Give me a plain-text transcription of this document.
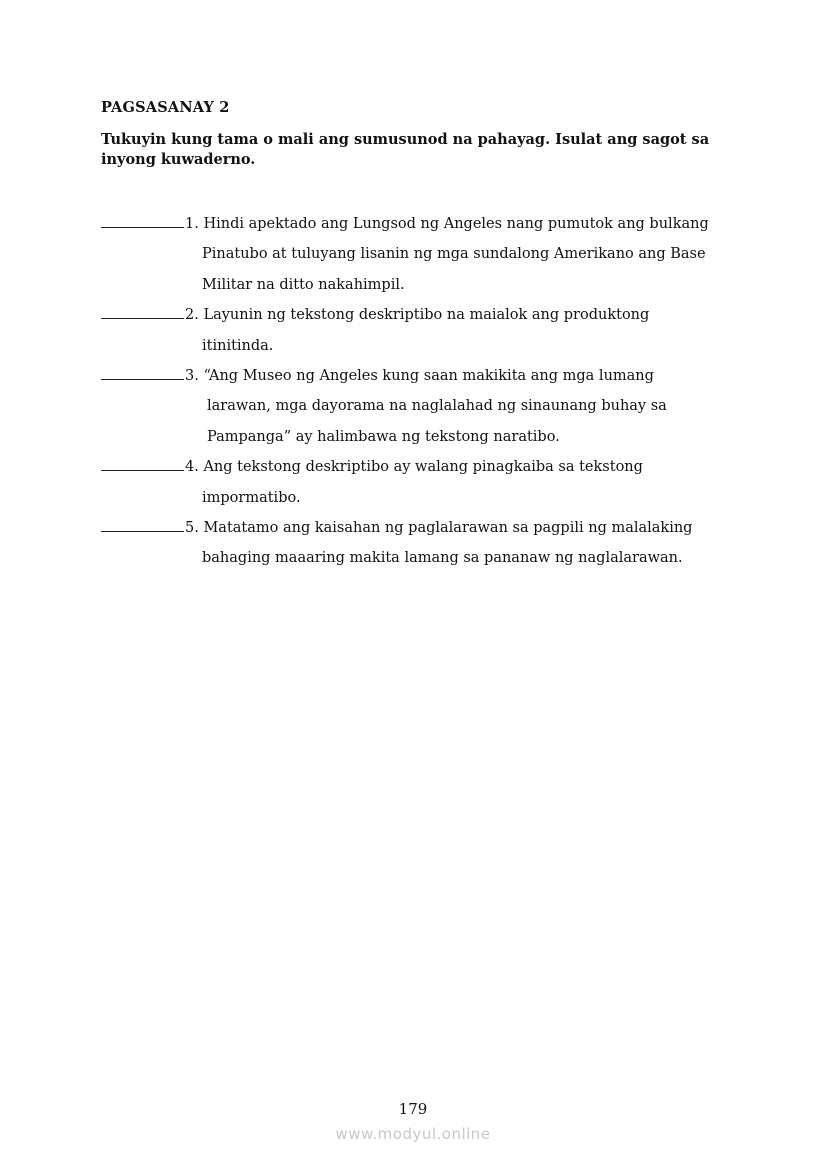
PAGSASANAY 2
Tukuyin kung tama o mali ang sumusunod na pahayag. Isulat ang sagot sa inyong kuwaderno.
1. Hindi apektado ang Lungsod ng Angeles nang pumutok ang bulkang
Pinatubo at tuluyang lisanin ng mga sundalong Amerikano ang Base
Militar na ditto nakahimpil.
2. Layunin ng tekstong deskriptibo na maialok ang produktong
itinitinda.
3. “Ang Museo ng Angeles kung saan makikita ang mga lumang
larawan, mga dayorama na naglalahad ng sinaunang buhay sa
Pampanga” ay halimbawa ng tekstong naratibo.
4. Ang tekstong deskriptibo ay walang pinagkaiba sa tekstong
impormatibo.
5. Matatamo ang kaisahan ng paglalarawan sa pagpili ng malalaking
bahaging maaaring makita lamang sa pananaw ng naglalarawan.
179
www.modyul.online
